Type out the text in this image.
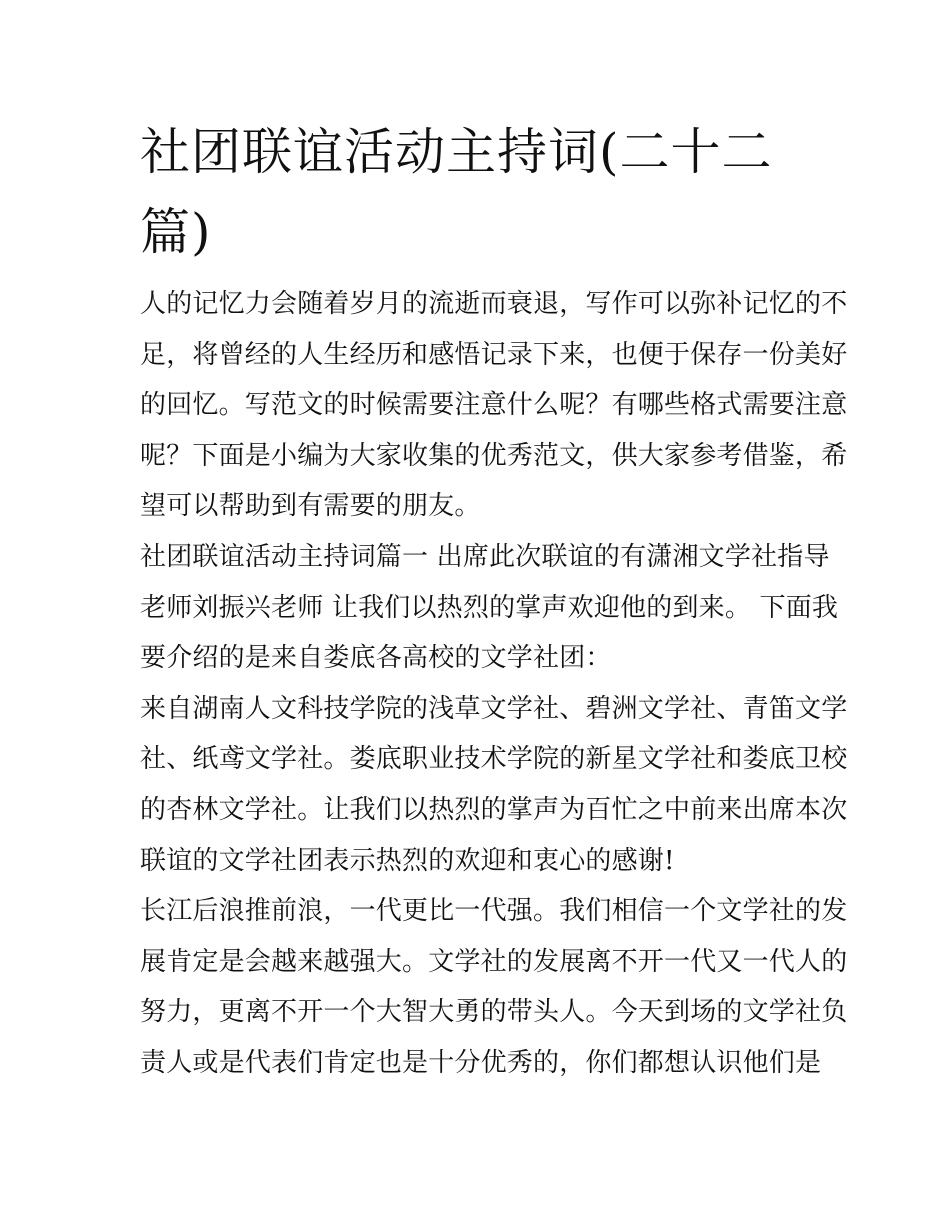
社团联谊活动主持词(二十二
篇)
人的记忆力会随着岁月的流逝而衰退，写作可以弥补记忆的不
足，将曾经的人生经历和感悟记录下来，也便于保存一份美好
的回忆。写范文的时候需要注意什么呢？有哪些格式需要注意
呢？下面是小编为大家收集的优秀范文，供大家参考借鉴，希
望可以帮助到有需要的朋友。
社团联谊活动主持词篇一 出席此次联谊的有潇湘文学社指导
老师刘振兴老师 让我们以热烈的掌声欢迎他的到来。 下面我
要介绍的是来自娄底各高校的文学社团：
来自湖南人文科技学院的浅草文学社、碧洲文学社、青笛文学
社、纸鸢文学社。娄底职业技术学院的新星文学社和娄底卫校
的杏林文学社。让我们以热烈的掌声为百忙之中前来出席本次
联谊的文学社团表示热烈的欢迎和衷心的感谢!
长江后浪推前浪，一代更比一代强。我们相信一个文学社的发
展肯定是会越来越强大。文学社的发展离不开一代又一代人的
努力，更离不开一个大智大勇的带头人。今天到场的文学社负
责人或是代表们肯定也是十分优秀的，你们都想认识他们是
